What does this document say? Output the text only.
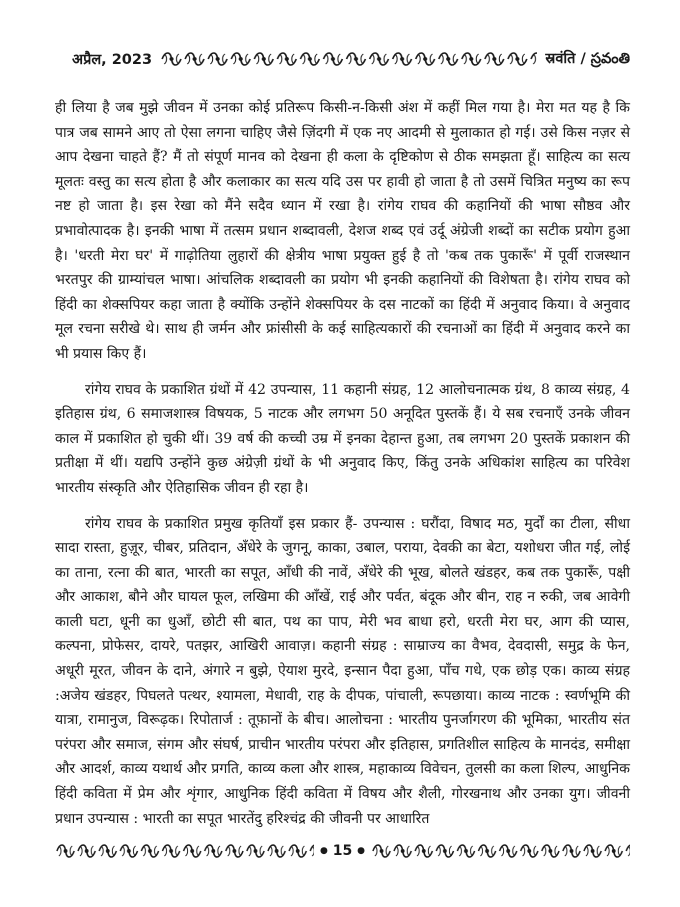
अप्रैल, 2023	स्रवंति / స్రవంతి

ही लिया है जब मुझे जीवन में उनका कोई प्रतिरूप किसी-न-किसी अंश में कहीं मिल गया है। मेरा मत यह है कि पात्र जब सामने आए तो ऐसा लगना चाहिए जैसे ज़िंदगी में एक नए आदमी से मुलाकात हो गई। उसे किस नज़र से आप देखना चाहते हैं? मैं तो संपूर्ण मानव को देखना ही कला के दृष्टिकोण से ठीक समझता हूँ। साहित्य का सत्य मूलतः वस्तु का सत्य होता है और कलाकार का सत्य यदि उस पर हावी हो जाता है तो उसमें चित्रित मनुष्य का रूप नष्ट हो जाता है। इस रेखा को मैंने सदैव ध्यान में रखा है। रांगेय राघव की कहानियों की भाषा सौष्ठव और प्रभावोत्पादक है। इनकी भाषा में तत्सम प्रधान शब्दावली, देशज शब्द एवं उर्दू अंग्रेजी शब्दों का सटीक प्रयोग हुआ है। 'धरती मेरा घर' में गाढ़ोतिया लुहारों की क्षेत्रीय भाषा प्रयुक्त हुई है तो 'कब तक पुकारूँ' में पूर्वी राजस्थान भरतपुर की ग्राम्यांचल भाषा। आंचलिक शब्दावली का प्रयोग भी इनकी कहानियों की विशेषता है। रांगेय राघव को हिंदी का शेक्सपियर कहा जाता है क्योंकि उन्होंने शेक्सपियर के दस नाटकों का हिंदी में अनुवाद किया। वे अनुवाद मूल रचना सरीखे थे। साथ ही जर्मन और फ्रांसीसी के कई साहित्यकारों की रचनाओं का हिंदी में अनुवाद करने का भी प्रयास किए हैं।

रांगेय राघव के प्रकाशित ग्रंथों में 42 उपन्यास, 11 कहानी संग्रह, 12 आलोचनात्मक ग्रंथ, 8 काव्य संग्रह, 4 इतिहास ग्रंथ, 6 समाजशास्त्र विषयक, 5 नाटक और लगभग 50 अनूदित पुस्तकें हैं। ये सब रचनाएँ उनके जीवन काल में प्रकाशित हो चुकी थीं। 39 वर्ष की कच्ची उम्र में इनका देहान्त हुआ, तब लगभग 20 पुस्तकें प्रकाशन की प्रतीक्षा में थीं। यद्यपि उन्होंने कुछ अंग्रेज़ी ग्रंथों के भी अनुवाद किए, किंतु उनके अधिकांश साहित्य का परिवेश भारतीय संस्कृति और ऐतिहासिक जीवन ही रहा है।

रांगेय राघव के प्रकाशित प्रमुख कृतियाँ इस प्रकार हैं- उपन्यास : घरौंदा, विषाद मठ, मुर्दों का टीला, सीधा सादा रास्ता, हुज़ूर, चीबर, प्रतिदान, अँधेरे के जुगनू, काका, उबाल, पराया, देवकी का बेटा, यशोधरा जीत गई, लोई का ताना, रत्ना की बात, भारती का सपूत, आँधी की नावें, अँधेरे की भूख, बोलते खंडहर, कब तक पुकारूँ, पक्षी और आकाश, बौने और घायल फूल, लखिमा की आँखें, राई और पर्वत, बंदूक और बीन, राह न रुकी, जब आवेगी काली घटा, धूनी का धुआँ, छोटी सी बात, पथ का पाप, मेरी भव बाधा हरो, धरती मेरा घर, आग की प्यास, कल्पना, प्रोफेसर, दायरे, पतझर, आखिरी आवाज़। कहानी संग्रह : साम्राज्य का वैभव, देवदासी, समुद्र के फेन, अधूरी मूरत, जीवन के दाने, अंगारे न बुझे, ऐयाश मुरदे, इन्सान पैदा हुआ, पाँच गधे, एक छोड़ एक। काव्य संग्रह :अजेय खंडहर, पिघलते पत्थर, श्यामला, मेधावी, राह के दीपक, पांचाली, रूपछाया। काव्य नाटक : स्वर्णभूमि की यात्रा, रामानुज, विरूढ़क। रिपोतार्ज : तूफ़ानों के बीच। आलोचना : भारतीय पुनर्जागरण की भूमिका, भारतीय संत परंपरा और समाज, संगम और संघर्ष, प्राचीन भारतीय परंपरा और इतिहास, प्रगतिशील साहित्य के मानदंड, समीक्षा और आदर्श, काव्य यथार्थ और प्रगति, काव्य कला और शास्त्र, महाकाव्य विवेचन, तुलसी का कला शिल्प, आधुनिक हिंदी कविता में प्रेम और शृंगार, आधुनिक हिंदी कविता में विषय और शैली, गोरखनाथ और उनका युग। जीवनी प्रधान उपन्यास : भारती का सपूत भारतेंदु हरिश्चंद्र की जीवनी पर आधारित

● 15 ●
